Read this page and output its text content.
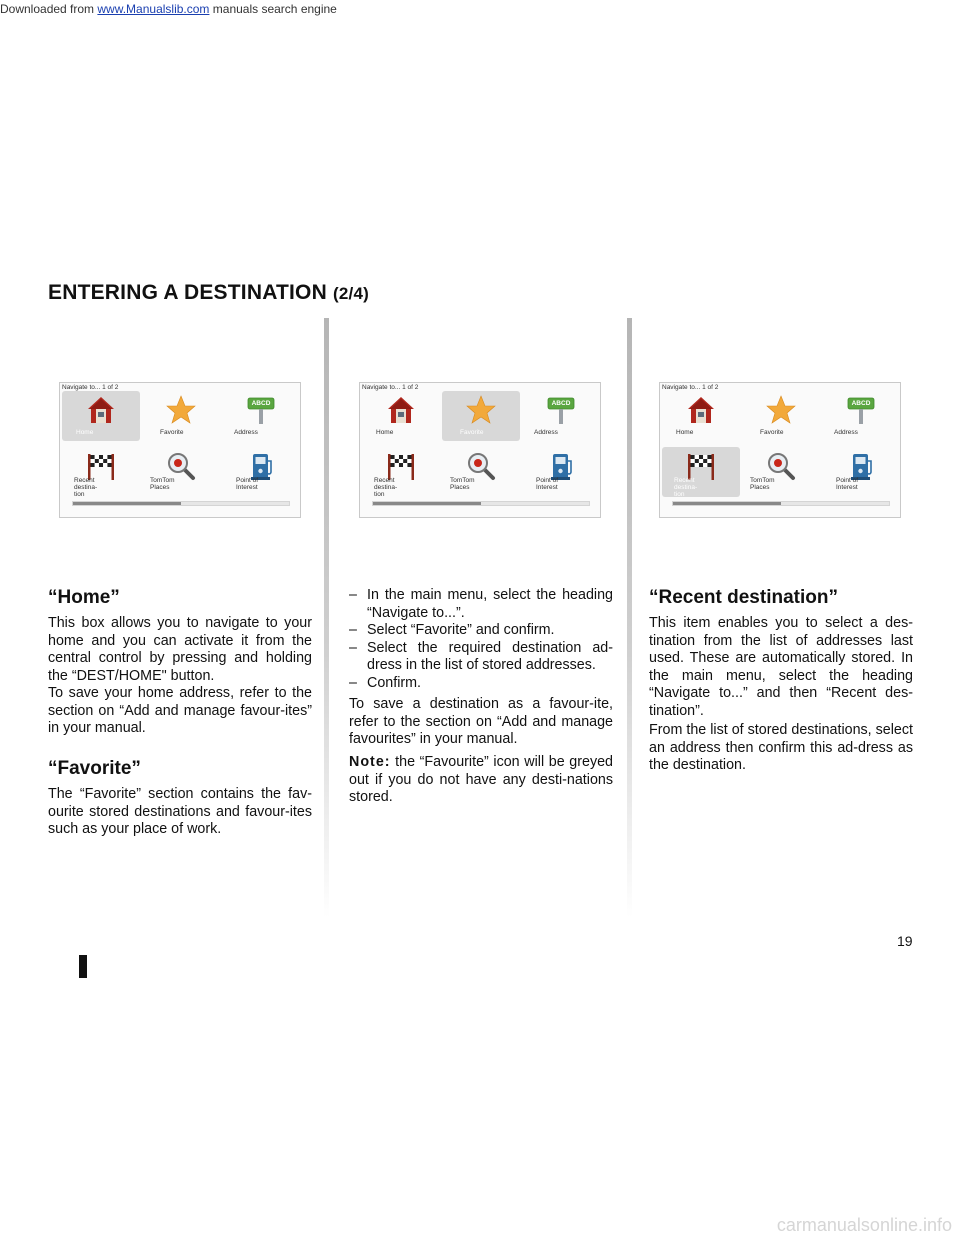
Downloaded from www.Manualslib.com manuals search engine
ENTERING A DESTINATION (2/4)
Navigate to... 1 of 2
Home	Favorite
ABCD
Address
Recent
destina-
tion
TomTom
Places
Point of
Interest
Navigate to... 1 of 2
Home	Favorite
ABCD
Address
Recent
destina-
tion
TomTom
Places
Point of
Interest
Navigate to... 1 of 2
Home	Favorite
ABCD
Address
Recent
destina-
tion
TomTom
Places
Point of
Interest
“Home”

This box allows you to navigate to your home and you can activate it from the central control by pressing and holding the “DEST/HOME" button.

To save your home address, refer to the section on “Add and manage favour-ites” in your manual.

“Favorite”

The “Favorite” section contains the fav-ourite stored destinations and favour-ites such as your place of work.

– In the main menu, select the heading “Navigate to...”.
– Select “Favorite” and confirm.
– Select the required destination ad-dress in the list of stored addresses.
– Confirm.

To save a destination as a favour-ite, refer to the section on “Add and manage favourites” in your manual.

Note: the “Favourite” icon will be greyed out if you do not have any desti-nations stored.

“Recent destination”

This item enables you to select a des-tination from the list of addresses last used. These are automatically stored. In the main menu, select the heading “Navigate to...” and then “Recent des-tination”.

From the list of stored destinations, select an address then confirm this ad-dress as the destination.

19
carmanualsonline.info
